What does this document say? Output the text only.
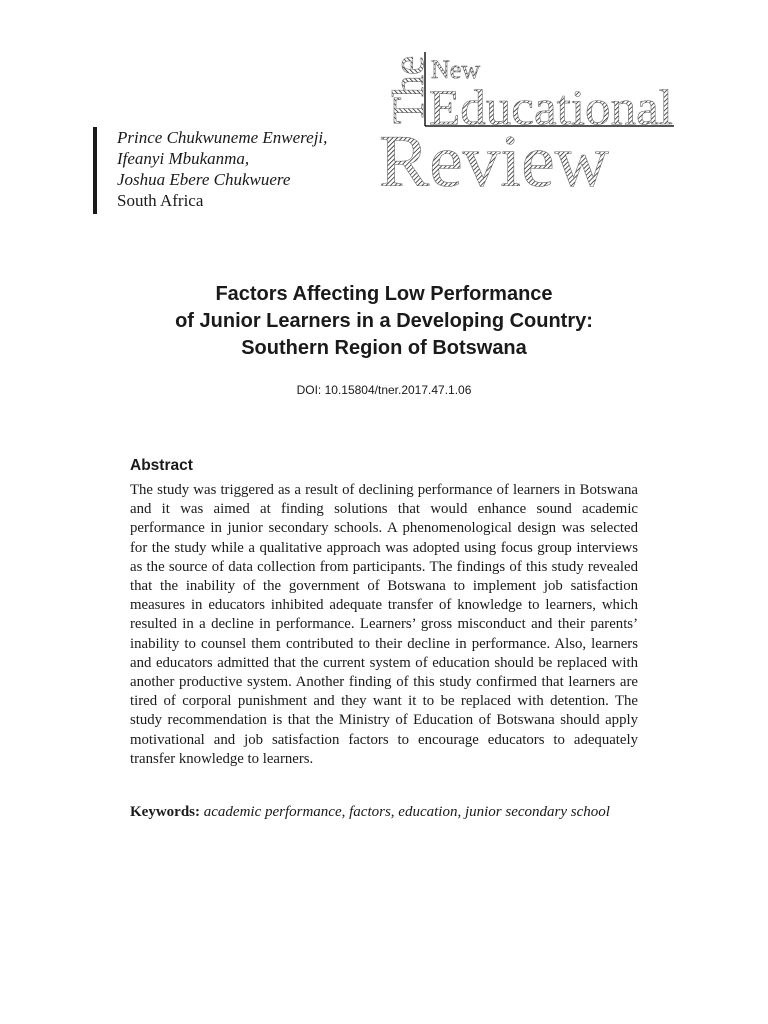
The
New
Educational
Review

Prince Chukwuneme Enwereji,

Ifeanyi Mbukanma,

Joshua Ebere Chukwuere

South Africa

Factors Affecting Low Performance
of Junior Learners in a Developing Country:
Southern Region of Botswana

DOI: 10.15804/tner.2017.47.1.06

Abstract

The study was triggered as a result of declining performance of learners in Botswana and it was aimed at finding solutions that would enhance sound academic performance in junior secondary schools. A phenomenological design was selected for the study while a qualitative approach was adopted using focus group interviews as the source of data collection from participants. The findings of this study revealed that the inability of the government of Botswana to implement job satisfaction measures in educators inhibited adequate transfer of knowledge to learners, which resulted in a decline in performance. Learners’ gross misconduct and their parents’ inability to counsel them contributed to their decline in performance. Also, learners and educators admitted that the current system of education should be replaced with another productive system. Another finding of this study confirmed that learners are tired of corporal punishment and they want it to be replaced with detention. The study recommendation is that the Ministry of Education of Botswana should apply motivational and job satisfaction factors to encourage educators to adequately transfer knowledge to learners.

Keywords: academic performance, factors, education, junior secondary school
